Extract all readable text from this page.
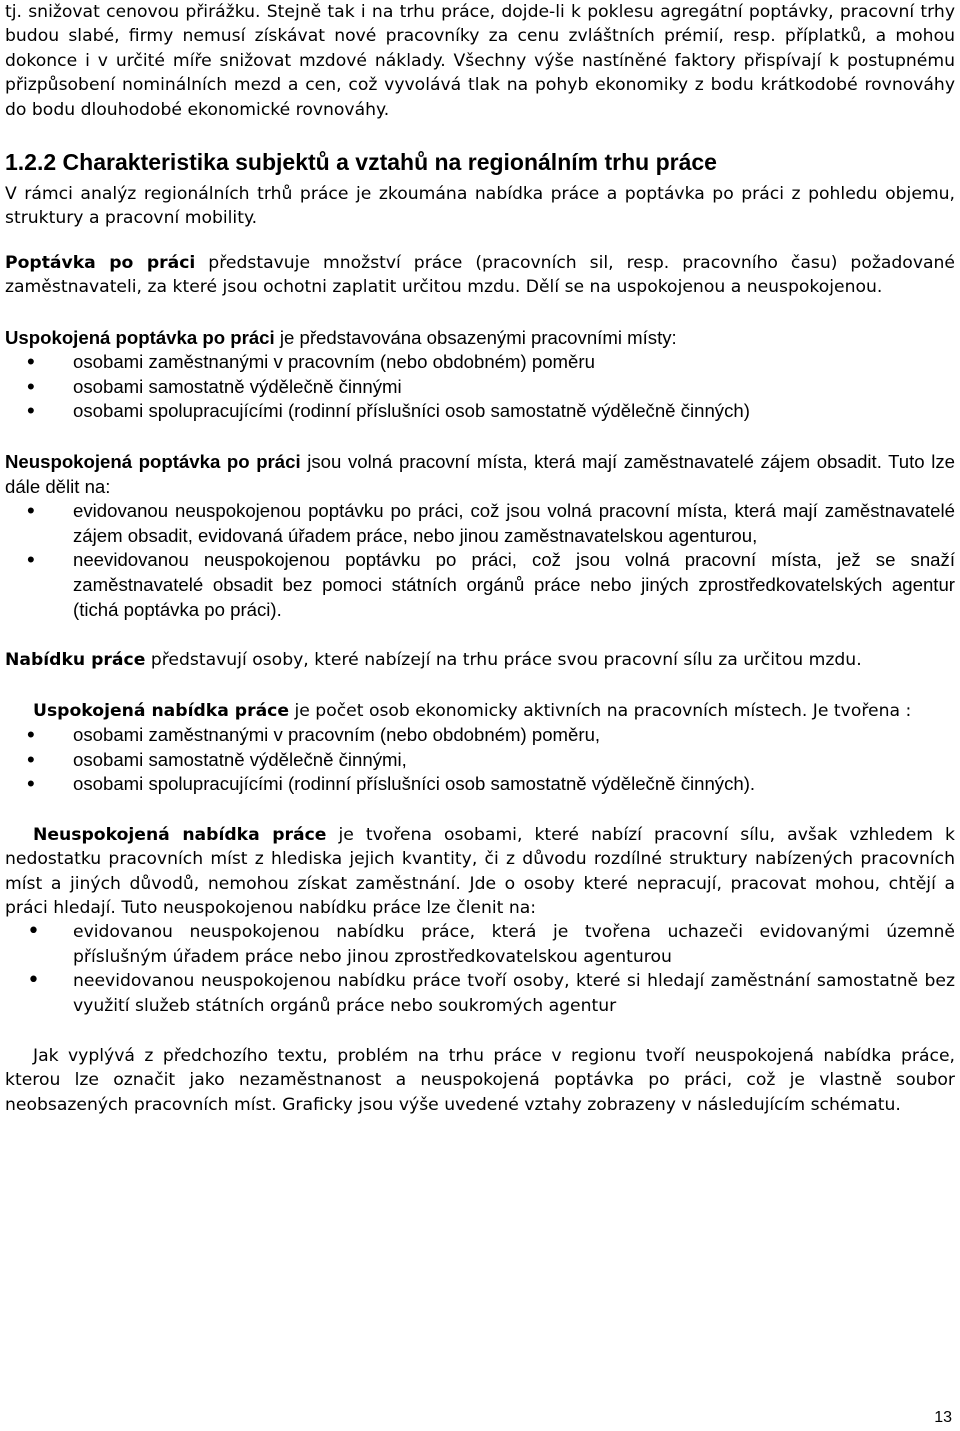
tj. snižovat cenovou přirážku. Stejně tak i na trhu práce, dojde-li k poklesu agregátní poptávky, pracovní trhy budou slabé, firmy nemusí získávat nové pracovníky za cenu zvláštních prémií, resp. příplatků, a mohou dokonce i v určité míře snižovat mzdové náklady. Všechny výše nastíněné faktory přispívají k postupnému přizpůsobení nominálních mezd a cen, což vyvolává tlak na pohyb ekonomiky z bodu krátkodobé rovnováhy do bodu dlouhodobé ekonomické rovnováhy.

1.2.2 Charakteristika subjektů a vztahů na regionálním trhu práce

V rámci analýz regionálních trhů práce je zkoumána nabídka práce a poptávka po práci z pohledu objemu, struktury a pracovní mobility.

Poptávka po práci představuje množství práce (pracovních sil, resp. pracovního času) požadované zaměstnavateli, za které jsou ochotni zaplatit určitou mzdu. Dělí se na uspokojenou a neuspokojenou.

Uspokojená poptávka po práci je představována obsazenými pracovními místy:

• osobami zaměstnanými v pracovním (nebo obdobném) poměru
• osobami samostatně výdělečně činnými
• osobami spolupracujícími (rodinní příslušníci osob samostatně výdělečně činných)

Neuspokojená poptávka po práci jsou volná pracovní místa, která mají zaměstnavatelé zájem obsadit. Tuto lze dále dělit na:

• evidovanou neuspokojenou poptávku po práci, což jsou volná pracovní místa, která mají zaměstnavatelé zájem obsadit, evidovaná úřadem práce, nebo jinou zaměstnavatelskou agenturou,
• neevidovanou neuspokojenou poptávku po práci, což jsou volná pracovní místa, jež se snaží zaměstnavatelé obsadit bez pomoci státních orgánů práce nebo jiných zprostředkovatelských agentur (tichá poptávka po práci).

Nabídku práce představují osoby, které nabízejí na trhu práce svou pracovní sílu za určitou mzdu.

Uspokojená nabídka práce je počet osob ekonomicky aktivních na pracovních místech. Je tvořena :

• osobami zaměstnanými v pracovním (nebo obdobném) poměru,
• osobami samostatně výdělečně činnými,
• osobami spolupracujícími (rodinní příslušníci osob samostatně výdělečně činných).

Neuspokojená nabídka práce je tvořena osobami, které nabízí pracovní sílu, avšak vzhledem k nedostatku pracovních míst z hlediska jejich kvantity, či z důvodu rozdílné struktury nabízených pracovních míst a jiných důvodů, nemohou získat zaměstnání. Jde o osoby které nepracují, pracovat mohou, chtějí a práci hledají. Tuto neuspokojenou nabídku práce lze členit na:

• evidovanou neuspokojenou nabídku práce, která je tvořena uchazeči evidovanými územně příslušným úřadem práce nebo jinou zprostředkovatelskou agenturou
• neevidovanou neuspokojenou nabídku práce tvoří osoby, které si hledají zaměstnání samostatně bez využití služeb státních orgánů práce nebo soukromých agentur

Jak vyplývá z předchozího textu, problém na trhu práce v regionu tvoří neuspokojená nabídka práce, kterou lze označit jako nezaměstnanost a neuspokojená poptávka po práci, což je vlastně soubor neobsazených pracovních míst. Graficky jsou výše uvedené vztahy zobrazeny v následujícím schématu.

13
